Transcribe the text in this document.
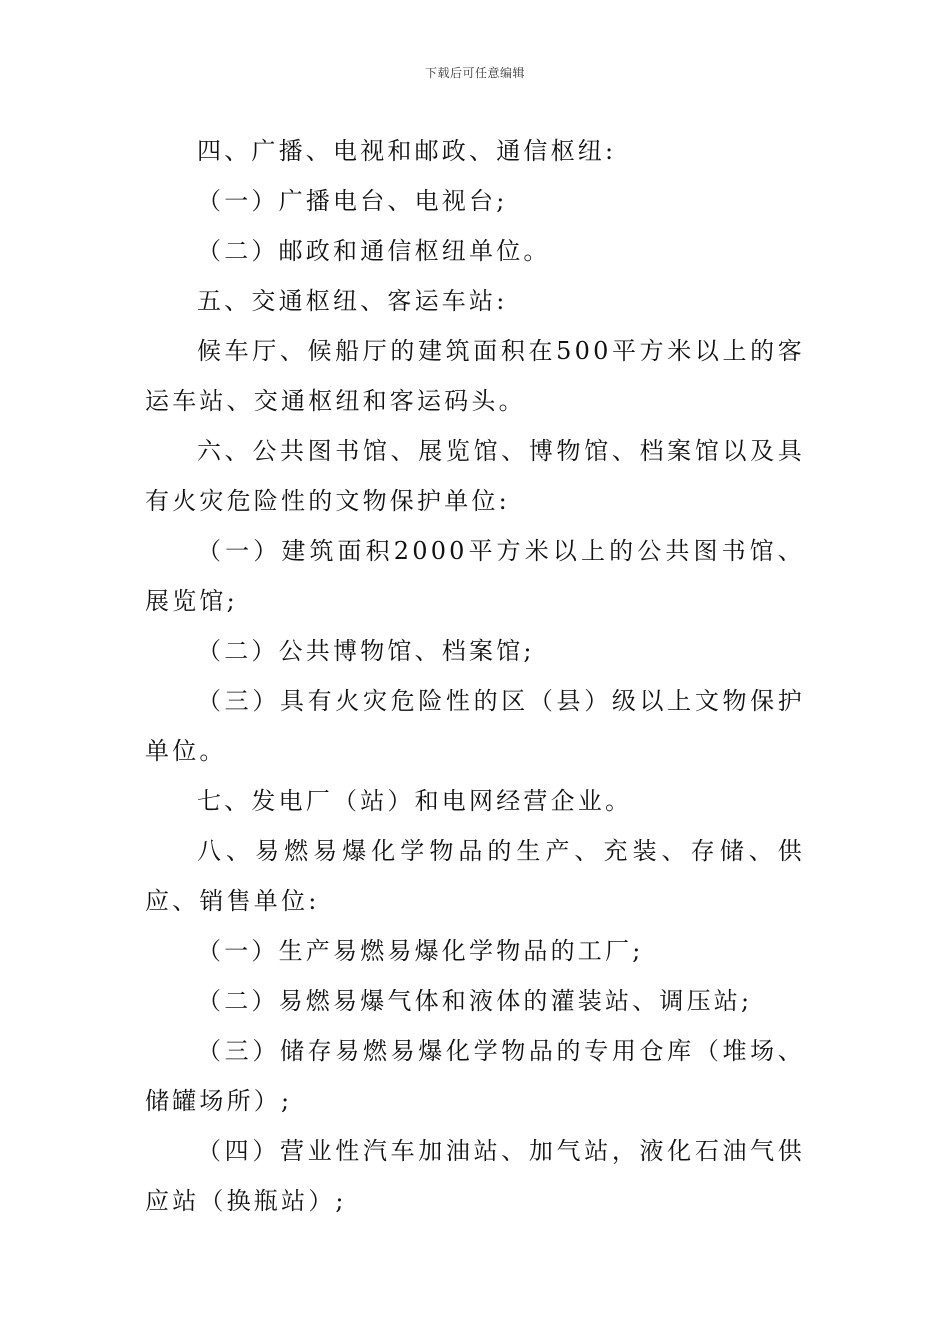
下载后可任意编辑

四、广播、电视和邮政、通信枢纽:

（一）广播电台、电视台;

（二）邮政和通信枢纽单位。

五、交通枢纽、客运车站:

候车厅、候船厅的建筑面积在500平方米以上的客运车站、交通枢纽和客运码头。

六、公共图书馆、展览馆、博物馆、档案馆以及具有火灾危险性的文物保护单位:

（一）建筑面积2000平方米以上的公共图书馆、展览馆;

（二）公共博物馆、档案馆;

（三）具有火灾危险性的区（县）级以上文物保护单位。

七、发电厂（站）和电网经营企业。

八、易燃易爆化学物品的生产、充装、存储、供应、销售单位:

（一）生产易燃易爆化学物品的工厂;

（二）易燃易爆气体和液体的灌装站、调压站;

（三）储存易燃易爆化学物品的专用仓库（堆场、储罐场所）;

（四）营业性汽车加油站、加气站，液化石油气供应站（换瓶站）;
